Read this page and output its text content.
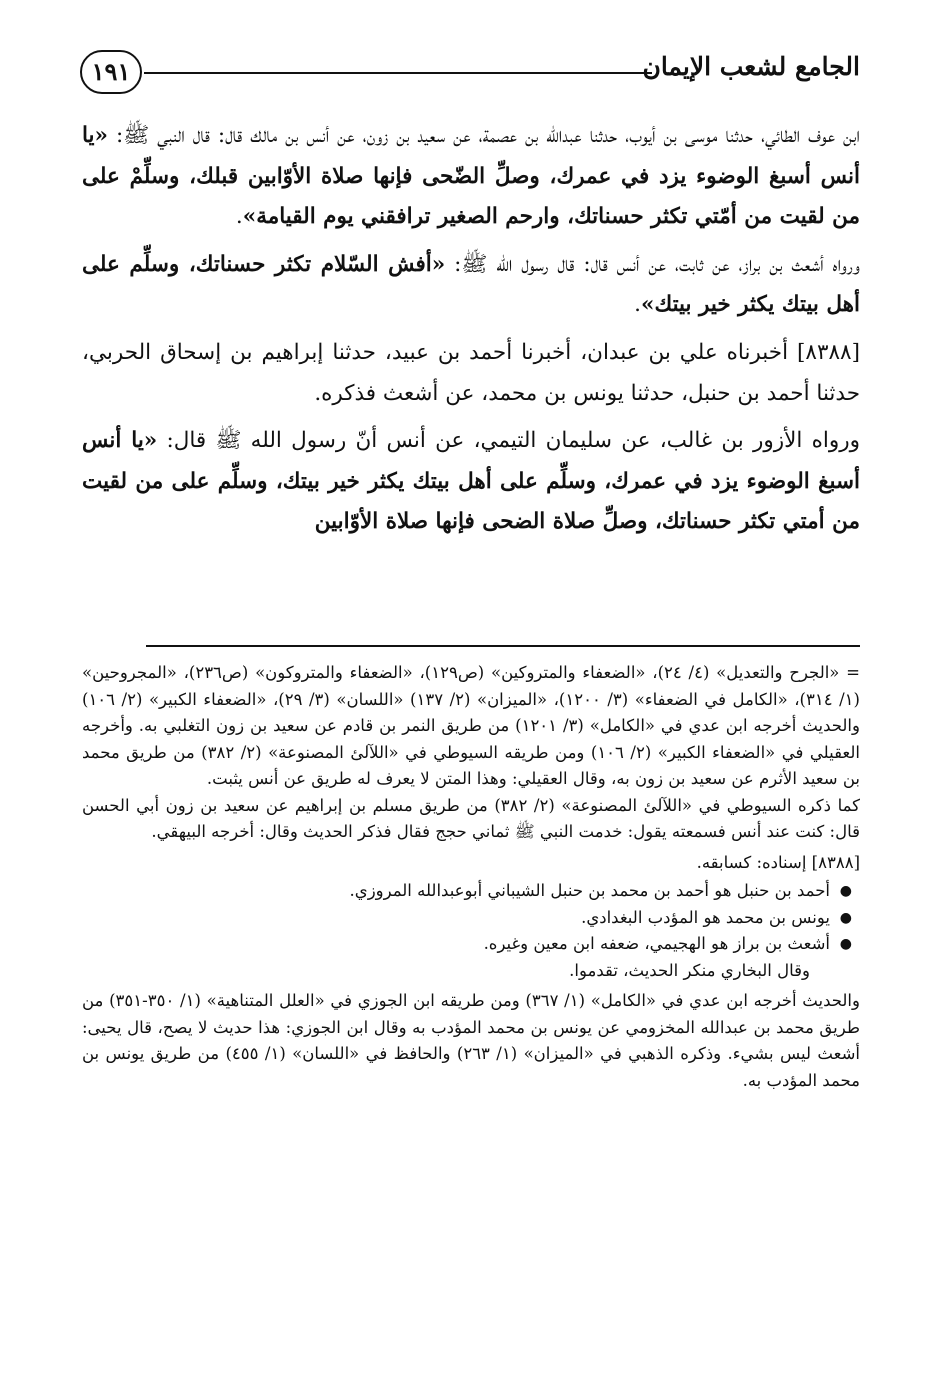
١٩١	الجامع لشعب الإيمان

ابن عوف الطائي، حدثنا موسى بن أيوب، حدثنا عبدالله بن عصمة، عن سعيد بن زون، عن أنس بن مالك قال: قال النبي ﷺ: «يا أنس أسبغ الوضوء يزد في عمرك، وصلِّ الضّحى فإنها صلاة الأوّابين قبلك، وسلِّمْ على من لقيت من أمّتي تكثر حسناتك، وارحم الصغير ترافقني يوم القيامة».

ورواه أشعث بن براز، عن ثابت، عن أنس قال: قال رسول الله ﷺ: «أفش السّلام تكثر حسناتك، وسلِّم على أهل بيتك يكثر خير بيتك».

[٨٣٨٨] أخبرناه علي بن عبدان، أخبرنا أحمد بن عبيد، حدثنا إبراهيم بن إسحاق الحربي، حدثنا أحمد بن حنبل، حدثنا يونس بن محمد، عن أشعث فذكره.

ورواه الأزور بن غالب، عن سليمان التيمي، عن أنس أنّ رسول الله ﷺ قال: «يا أنس أسبغ الوضوء يزد في عمرك، وسلِّم على أهل بيتك يكثر خير بيتك، وسلِّم على من لقيت من أمتي تكثر حسناتك، وصلِّ صلاة الضحى فإنها صلاة الأوّابين

= «الجرح والتعديل» (٤/ ٢٤)، «الضعفاء والمتروكين» (ص١٢٩)، «الضعفاء والمتروكون» (ص٢٣٦)، «المجروحين» (١/ ٣١٤)، «الكامل في الضعفاء» (٣/ ١٢٠٠)، «الميزان» (٢/ ١٣٧) «اللسان» (٣/ ٢٩)، «الضعفاء الكبير» (٢/ ١٠٦) والحديث أخرجه ابن عدي في «الكامل» (٣/ ١٢٠١) من طريق النمر بن قادم عن سعيد بن زون التغلبي به. وأخرجه العقيلي في «الضعفاء الكبير» (٢/ ١٠٦) ومن طريقه السيوطي في «اللآلئ المصنوعة» (٢/ ٣٨٢) من طريق محمد بن سعيد الأثرم عن سعيد بن زون به، وقال العقيلي: وهذا المتن لا يعرف له طريق عن أنس يثبت.

كما ذكره السيوطي في «اللآلئ المصنوعة» (٢/ ٣٨٢) من طريق مسلم بن إبراهيم عن سعيد بن زون أبي الحسن قال: كنت عند أنس فسمعته يقول: خدمت النبي ﷺ ثماني حجج فقال فذكر الحديث وقال: أخرجه البيهقي.

[٨٣٨٨] إسناده: كسابقه.

●
أحمد بن حنبل هو أحمد بن محمد بن حنبل الشيباني أبوعبدالله المروزي.
●
يونس بن محمد هو المؤدب البغدادي.
●
أشعث بن براز هو الهجيمي، ضعفه ابن معين وغيره.

وقال البخاري منكر الحديث، تقدموا.

والحديث أخرجه ابن عدي في «الكامل» (١/ ٣٦٧) ومن طريقه ابن الجوزي في «العلل المتناهية» (١/ ٣٥٠-٣٥١) من طريق محمد بن عبدالله المخزومي عن يونس بن محمد المؤدب به وقال ابن الجوزي: هذا حديث لا يصح، قال يحيى: أشعث ليس بشيء. وذكره الذهبي في «الميزان» (١/ ٢٦٣) والحافظ في «اللسان» (١/ ٤٥٥) من طريق يونس بن محمد المؤدب به.
